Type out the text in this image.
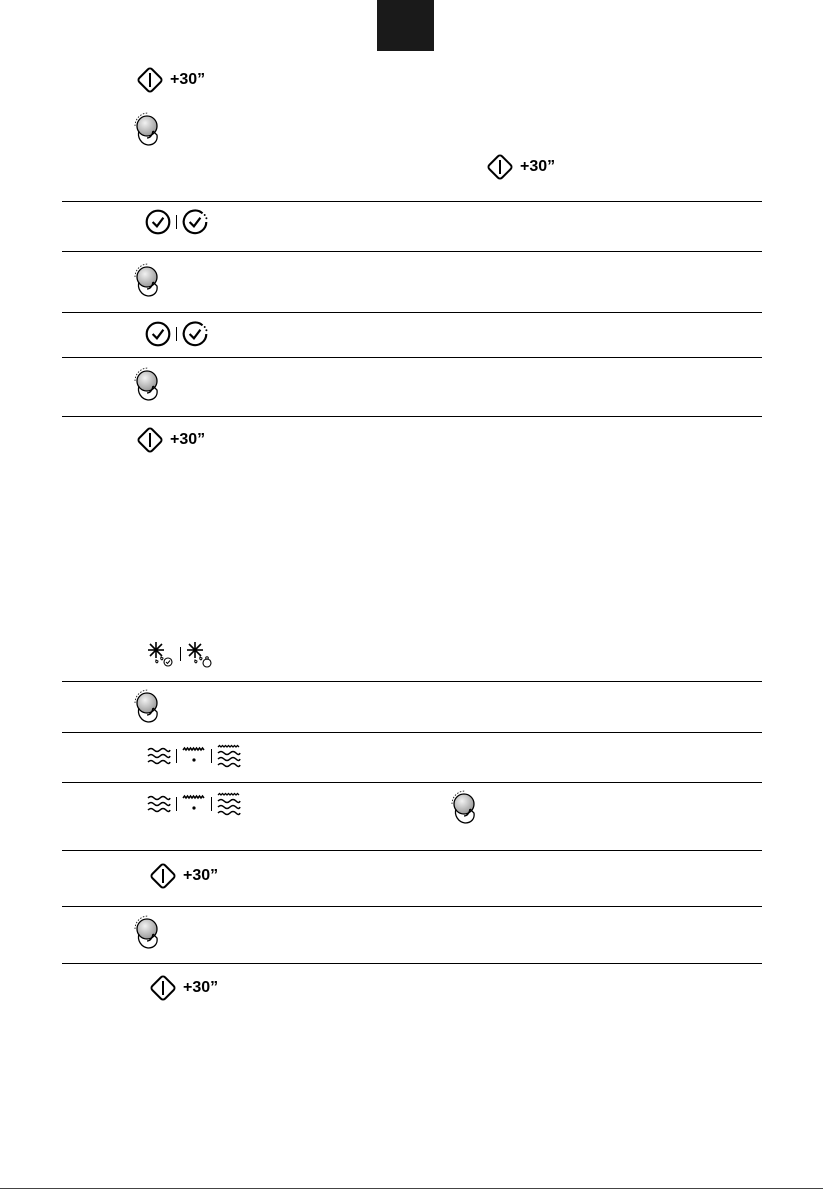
+30”
+30”
+30”
+30”
+30”
